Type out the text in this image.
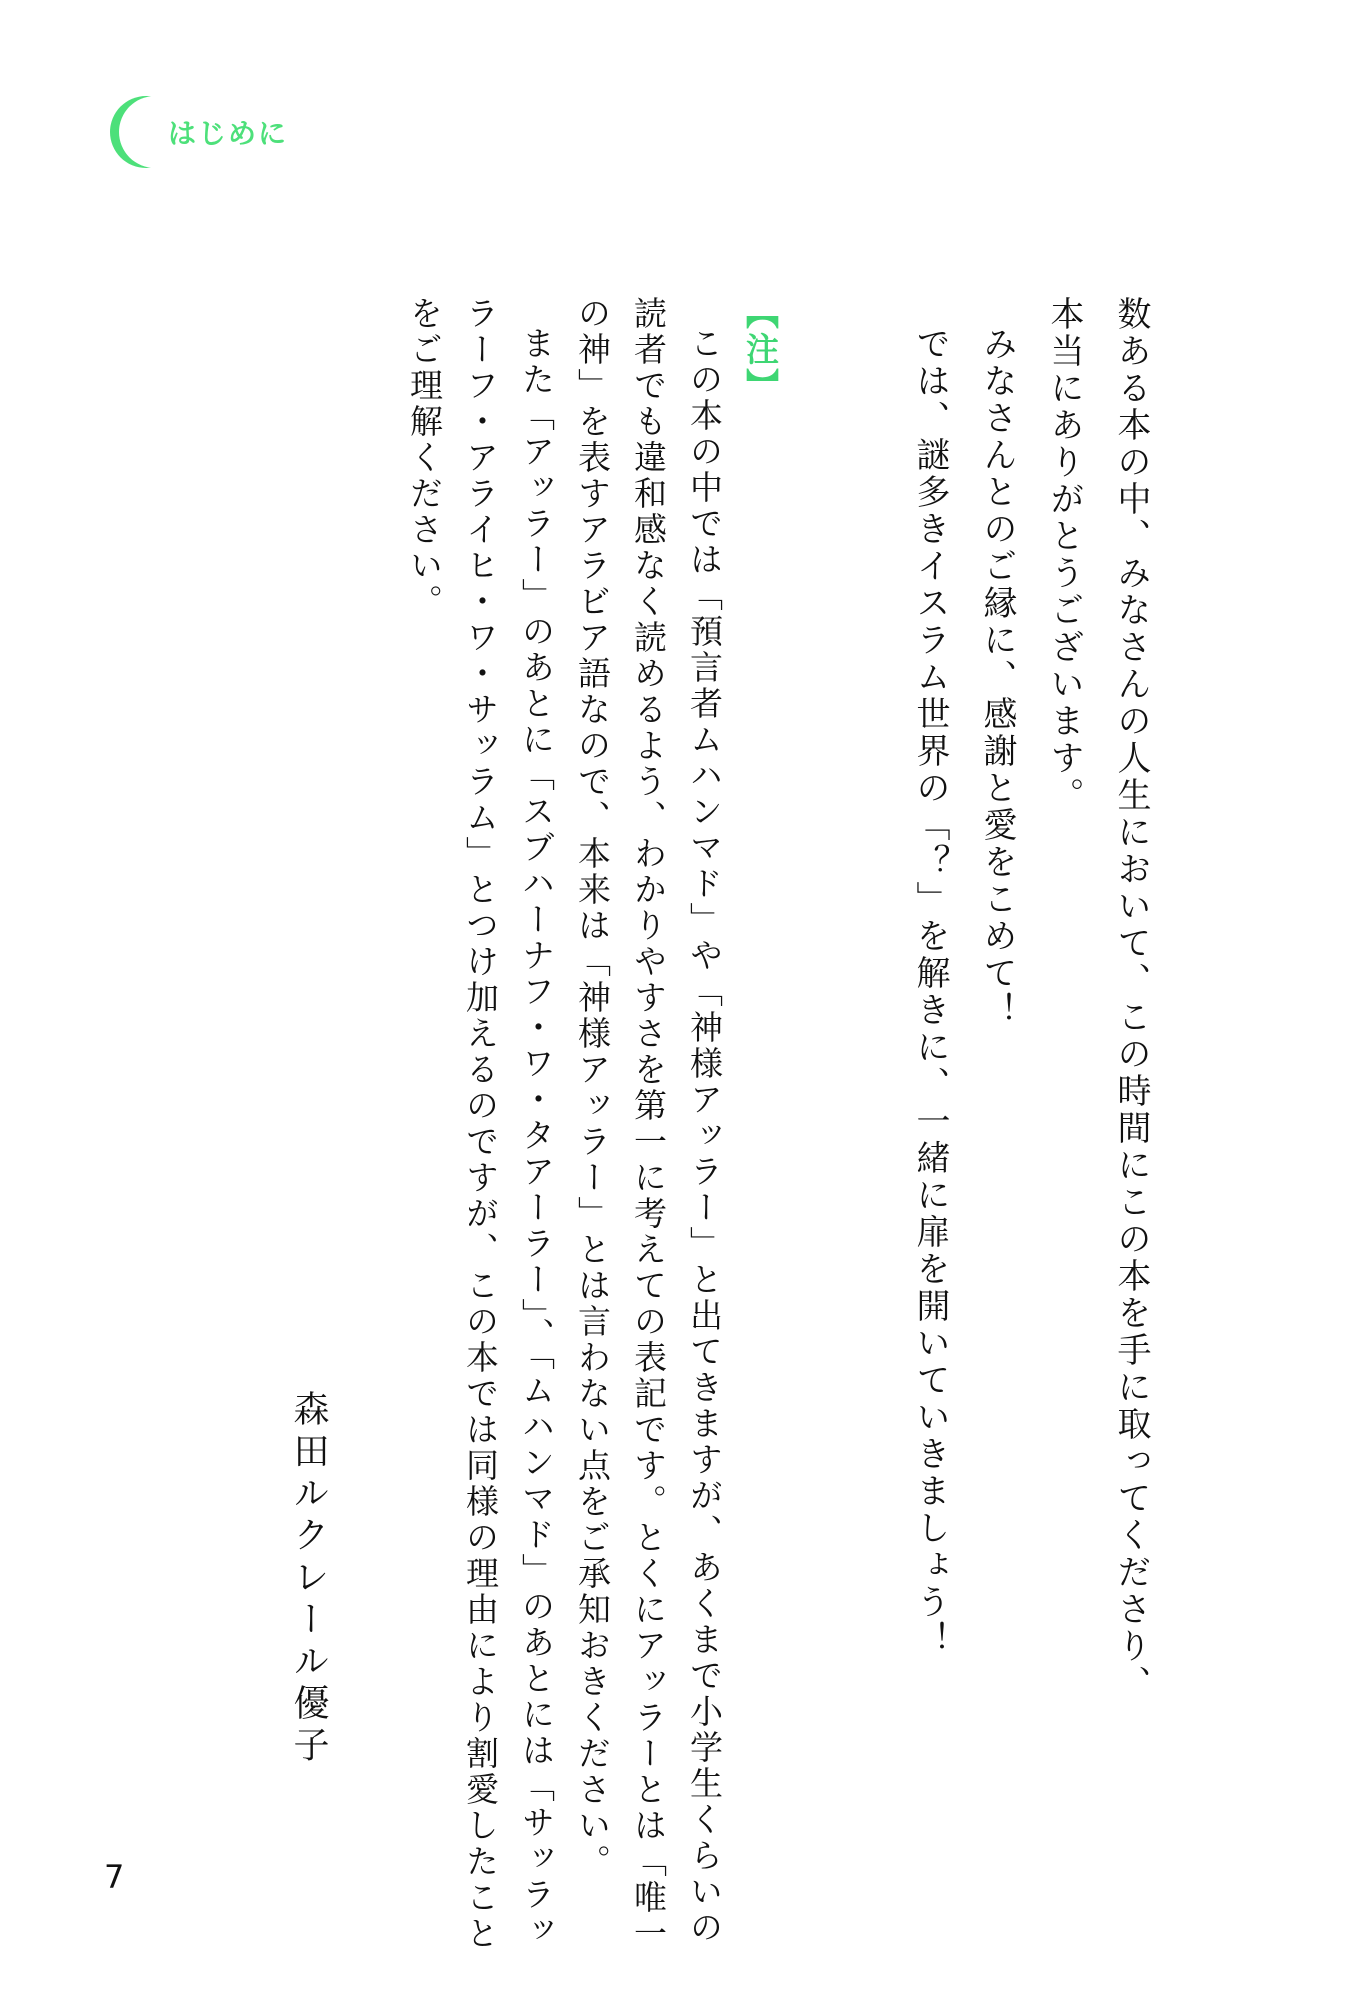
はじめに
数ある本の中、みなさんの人生において、この時間にこの本を手に取ってくださり、
本当にありがとうございます。
みなさんとのご縁に、感謝と愛をこめて！
では、謎多きイスラム世界の「？」を解きに、一緒に扉を開いていきましょう！
【注】
この本の中では「預言者ムハンマド」や「神様アッラー」と出てきますが、あくまで小学生くらいの
読者でも違和感なく読めるよう、わかりやすさを第一に考えての表記です。とくにアッラーとは「唯一
の神」を表すアラビア語なので、本来は「神様アッラー」とは言わない点をご承知おきください。
また「アッラー」のあとに「スブハーナフ・ワ・タアーラー」、「ムハンマド」のあとには「サッラッ
ラーフ・アライヒ・ワ・サッラム」とつけ加えるのですが、この本では同様の理由により割愛したこと
をご理解ください。
森田ルクレール優子
7
